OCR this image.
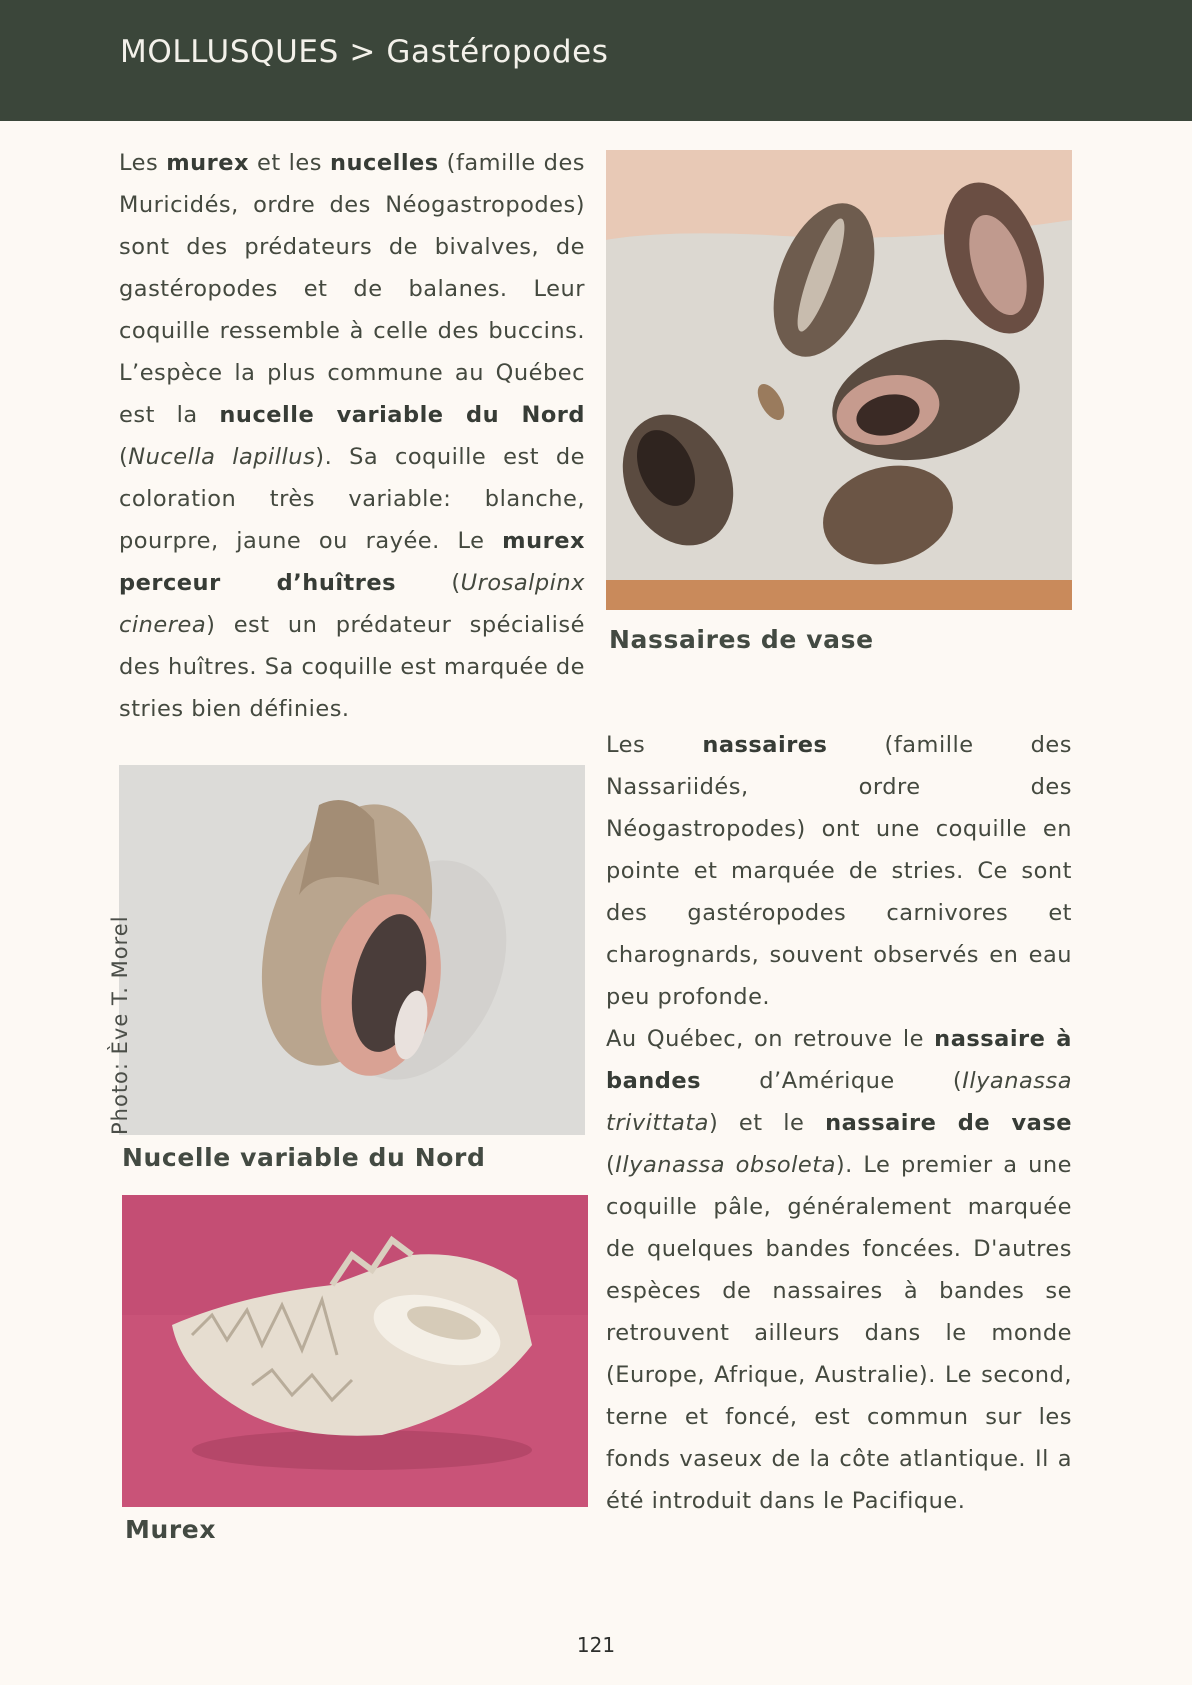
MOLLUSQUES > Gastéropodes

Les murex et les nucelles (famille des Muricidés, ordre des Néogastropodes) sont des prédateurs de bivalves, de gastéropodes et de balanes. Leur coquille ressemble à celle des buccins. L’espèce la plus commune au Québec est la nucelle variable du Nord (Nucella lapillus). Sa coquille est de coloration très variable: blanche, pourpre, jaune ou rayée. Le murex perceur d’huîtres (Urosalpinx cinerea) est un prédateur spécialisé des huîtres. Sa coquille est marquée de stries bien définies.

Nassaires de vase

Les nassaires (famille des Nassariidés, ordre des Néogastropodes) ont une coquille en pointe et marquée de stries. Ce sont des gastéropodes carnivores et charognards, souvent observés en eau peu profonde.

Photo: Ève T. Morel
Nucelle variable du Nord
Murex

Au Québec, on retrouve le nassaire à bandes d’Amérique (Ilyanassa trivittata) et le nassaire de vase (Ilyanassa obsoleta). Le premier a une coquille pâle, généralement marquée de quelques bandes foncées. D'autres espèces de nassaires à bandes se retrouvent ailleurs dans le monde (Europe, Afrique, Australie). Le second, terne et foncé, est commun sur les fonds vaseux de la côte atlantique. Il a été introduit dans le Pacifique.

121
